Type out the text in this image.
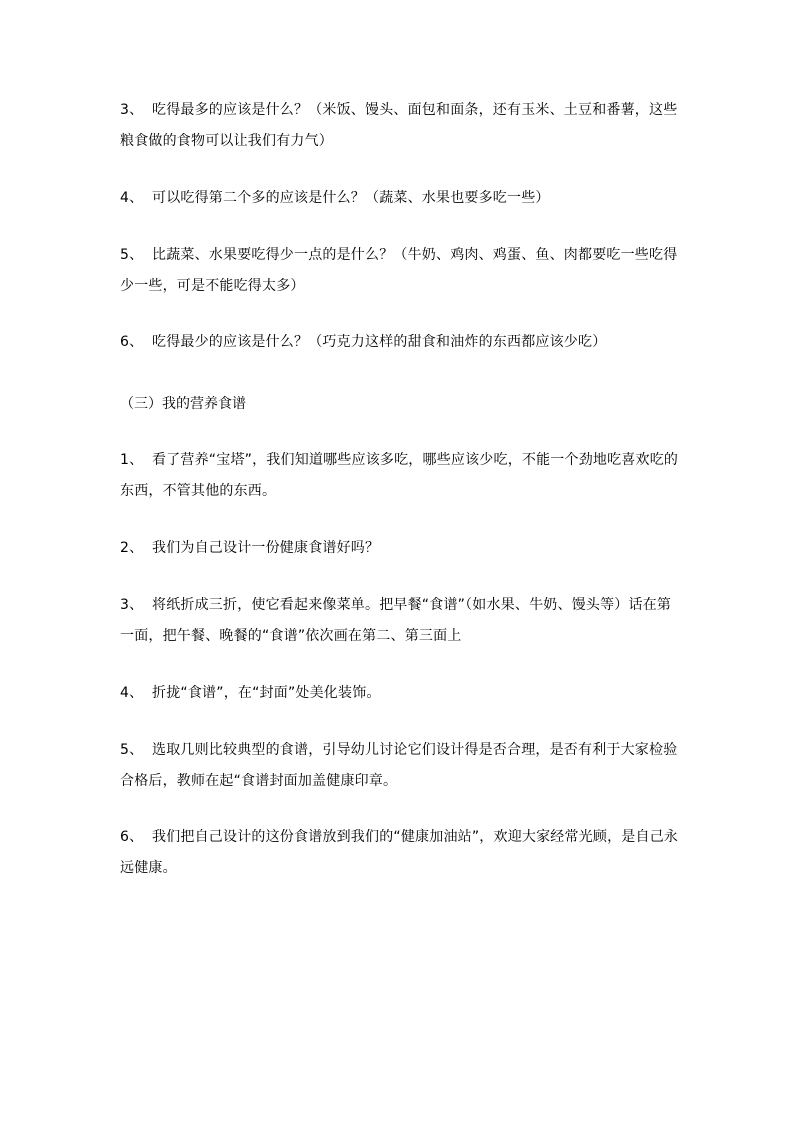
3、 吃得最多的应该是什么？（米饭、馒头、面包和面条，还有玉米、土豆和番薯，这些
粮食做的食物可以让我们有力气）

4、 可以吃得第二个多的应该是什么？（蔬菜、水果也要多吃一些）

5、 比蔬菜、水果要吃得少一点的是什么？（牛奶、鸡肉、鸡蛋、鱼、肉都要吃一些吃得
少一些，可是不能吃得太多）

6、 吃得最少的应该是什么？（巧克力这样的甜食和油炸的东西都应该少吃）

（三）我的营养食谱

1、 看了营养“宝塔”，我们知道哪些应该多吃，哪些应该少吃，不能一个劲地吃喜欢吃的
东西，不管其他的东西。

2、 我们为自己设计一份健康食谱好吗？

3、 将纸折成三折，使它看起来像菜单。把早餐“食谱”（如水果、牛奶、馒头等）话在第
一面，把午餐、晚餐的“食谱”依次画在第二、第三面上

4、 折拢“食谱”，在“封面”处美化装饰。

5、 选取几则比较典型的食谱，引导幼儿讨论它们设计得是否合理，是否有利于大家检验
合格后，教师在起“食谱封面加盖健康印章。

6、 我们把自己设计的这份食谱放到我们的“健康加油站”，欢迎大家经常光顾，是自己永
远健康。
